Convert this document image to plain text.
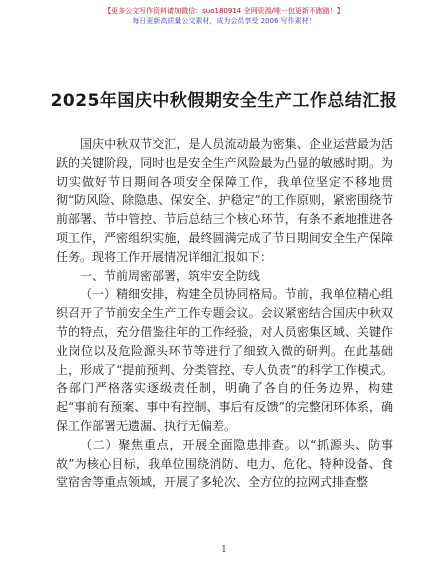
【更多公文写作资料请加微信：suo180914 全网资源/唯一包更新不跑路！】
每日更新高质量公文素材，成为会员享受 2006 写作素材！
2025年国庆中秋假期安全生产工作总结汇报

国庆中秋双节交汇，是人员流动最为密集、企业运营最为活跃的关键阶段，同时也是安全生产风险最为凸显的敏感时期。为切实做好节日期间各项安全保障工作，我单位坚定不移地贯彻“防风险、除隐患、保安全、护稳定”的工作原则，紧密围绕节前部署、节中管控、节后总结三个核心环节，有条不紊地推进各项工作，严密组织实施，最终圆满完成了节日期间安全生产保障任务。现将工作开展情况详细汇报如下：

一、节前周密部署，筑牢安全防线

（一）精细安排，构建全员协同格局。节前，我单位精心组织召开了节前安全生产工作专题会议。会议紧密结合国庆中秋双节的特点，充分借鉴往年的工作经验，对人员密集区域、关键作业岗位以及危险源头环节等进行了细致入微的研判。在此基础上，形成了“提前预判、分类管控、专人负责”的科学工作模式。各部门严格落实逐级责任制，明确了各自的任务边界，构建起“事前有预案、事中有控制、事后有反馈”的完整闭环体系，确保工作部署无遗漏、执行无偏差。

（二）聚焦重点，开展全面隐患排查。以“抓源头、防事故”为核心目标，我单位围绕消防、电力、危化、特种设备、食堂宿舍等重点领域，开展了多轮次、全方位的拉网式排查整

1
